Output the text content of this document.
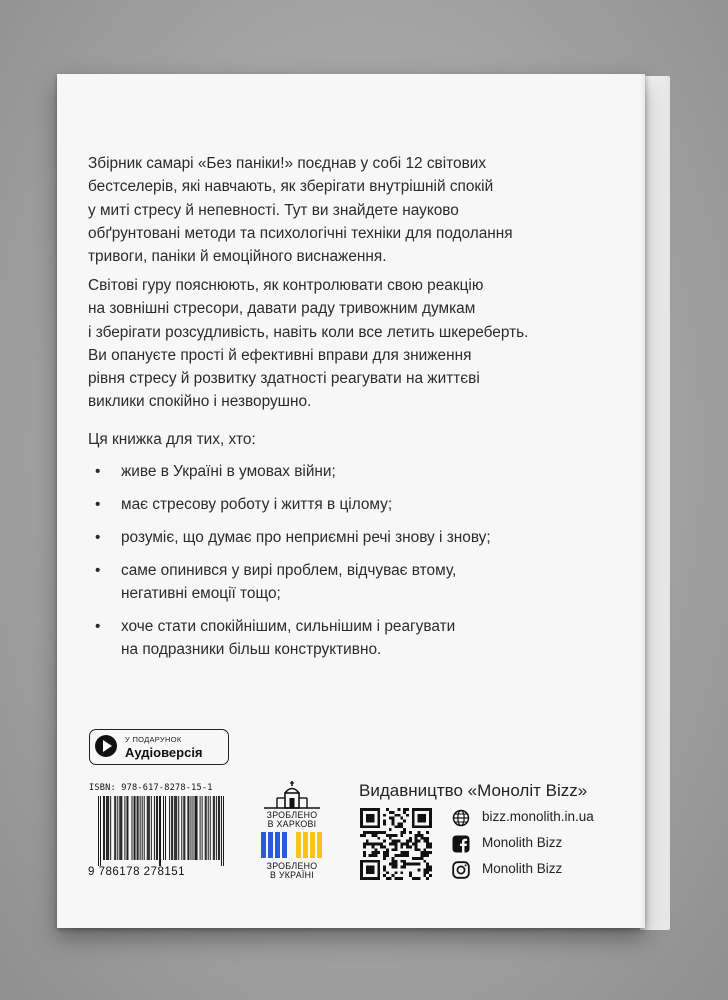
Збірник самарі «Без паніки!» поєднав у собі 12 світових
бестселерів, які навчають, як зберігати внутрішній спокій
у миті стресу й непевності. Тут ви знайдете науково
обґрунтовані методи та психологічні техніки для подолання
тривоги, паніки й емоційного виснаження.
Світові гуру пояснюють, як контролювати свою реакцію
на зовнішні стресори, давати раду тривожним думкам
і зберігати розсудливість, навіть коли все летить шкереберть.
Ви опануєте прості й ефективні вправи для зниження
рівня стресу й розвитку здатності реагувати на життєві
виклики спокійно і незворушно.
Ця книжка для тих, хто:
• живе в Україні в умовах війни;
• має стресову роботу і життя в цілому;
• розуміє, що думає про неприємні речі знову і знову;
• саме опинився у вирі проблем, відчуває втому,
негативні емоції тощо;
• хоче стати спокійнішим, сильнішим і реагувати
на подразники більш конструктивно.
У ПОДАРУНОК
Аудіоверсія
ISBN: 978-617-8278-15-1
9 786178 278151
ЗРОБЛЕНО
В ХАРКОВІ
ЗРОБЛЕНО
В УКРАЇНІ
Видавництво «Моноліт Bizz»
bizz.monolith.in.ua
Monolith Bizz
Monolith Bizz
